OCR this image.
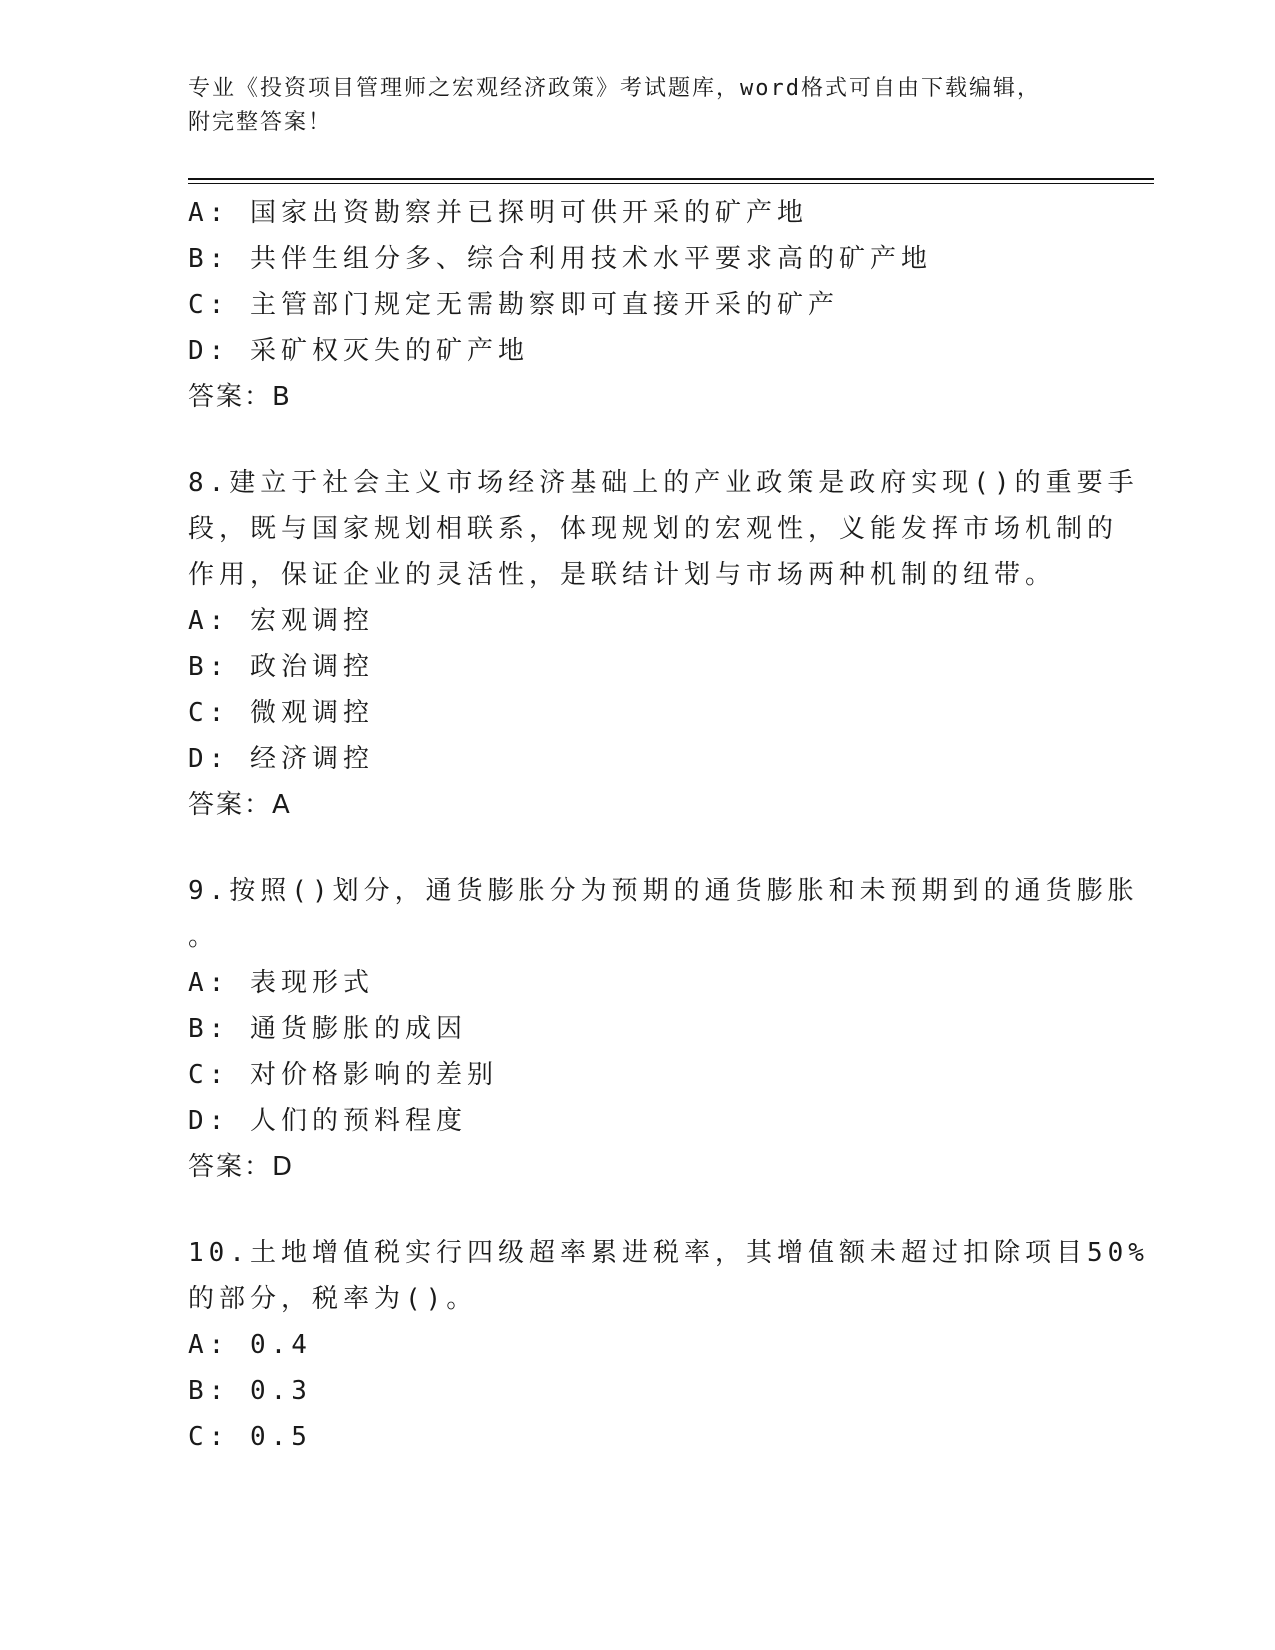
专业《投资项目管理师之宏观经济政策》考试题库，word格式可自由下载编辑，
附完整答案！
A: 国家出资勘察并已探明可供开采的矿产地
B: 共伴生组分多、综合利用技术水平要求高的矿产地
C: 主管部门规定无需勘察即可直接开采的矿产
D: 采矿权灭失的矿产地
答案：B
8.建立于社会主义市场经济基础上的产业政策是政府实现()的重要手
段，既与国家规划相联系，体现规划的宏观性，义能发挥市场机制的
作用，保证企业的灵活性，是联结计划与市场两种机制的纽带。
A: 宏观调控
B: 政治调控
C: 微观调控
D: 经济调控
答案：A
9.按照()划分，通货膨胀分为预期的通货膨胀和未预期到的通货膨胀
。
A: 表现形式
B: 通货膨胀的成因
C: 对价格影响的差别
D: 人们的预料程度
答案：D
10.土地增值税实行四级超率累进税率，其增值额未超过扣除项目50%
的部分，税率为()。
A: 0.4
B: 0.3
C: 0.5
